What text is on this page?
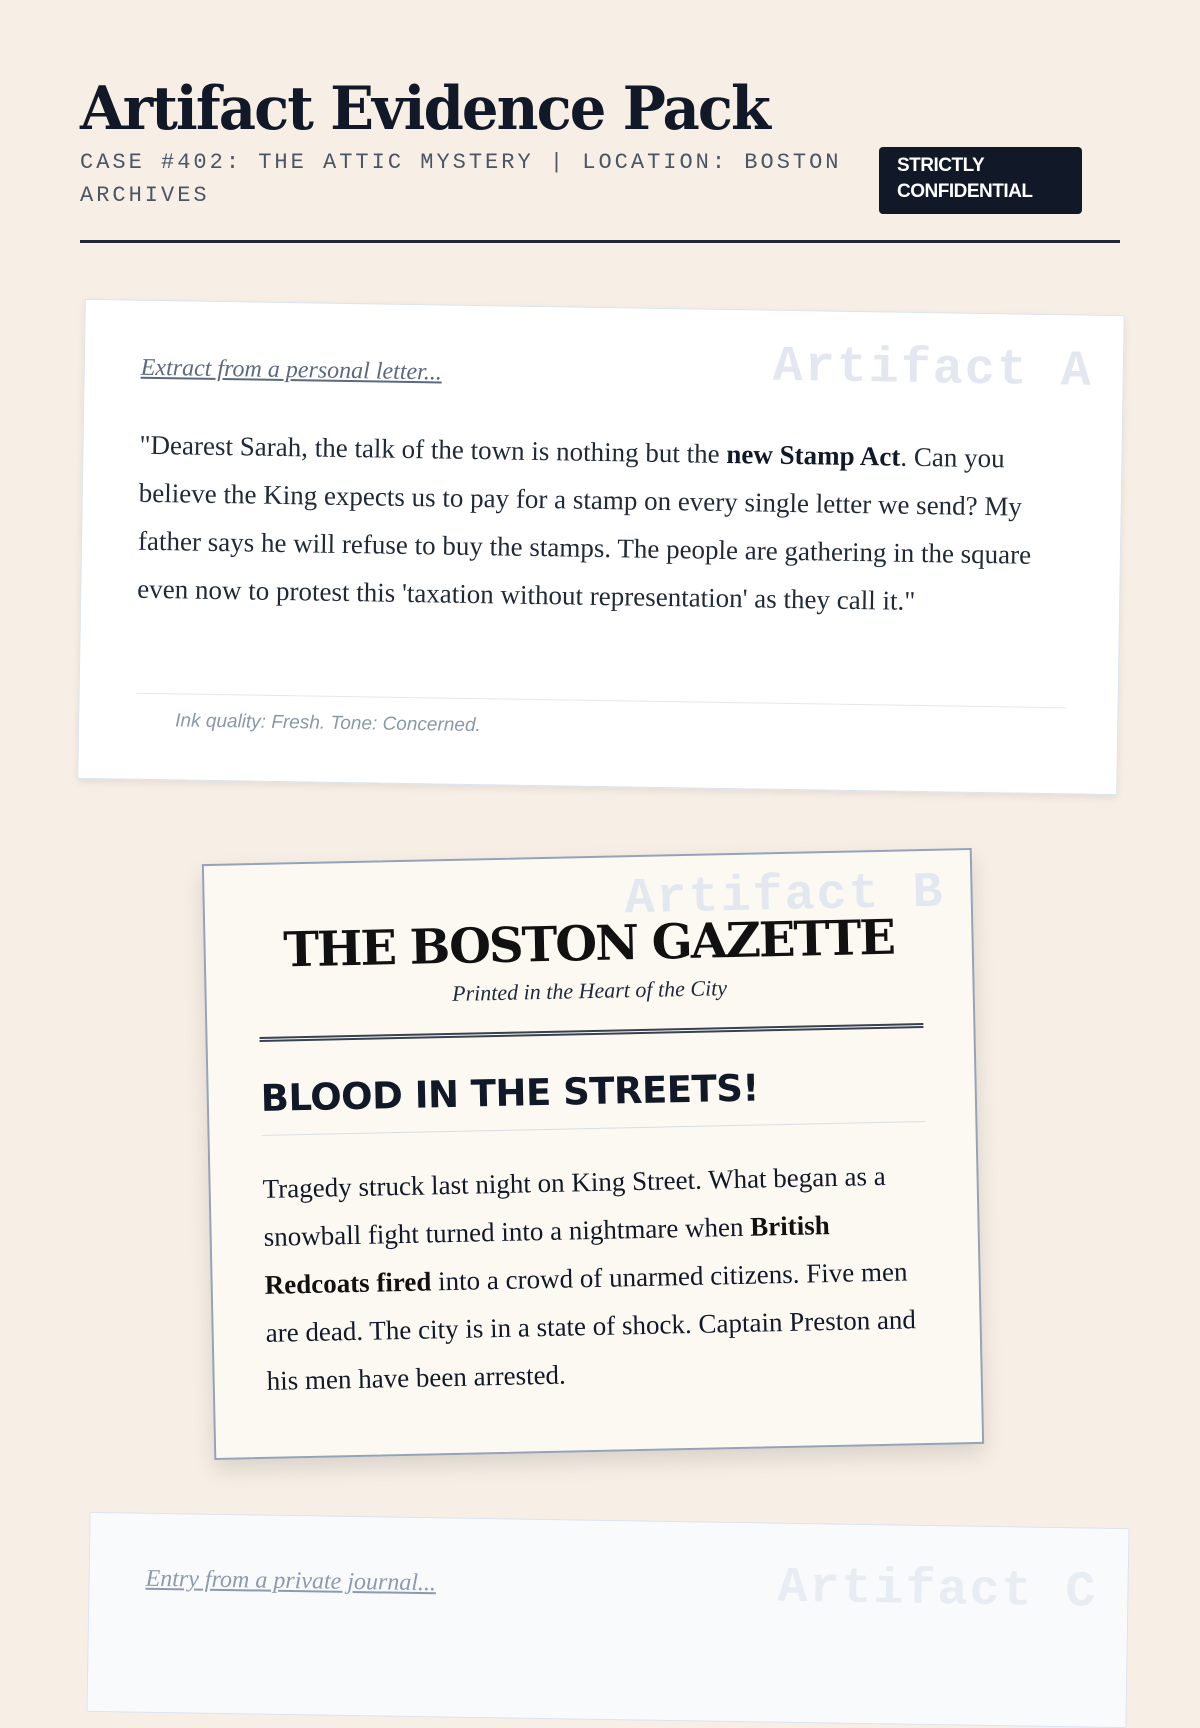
Artifact Evidence Pack
CASE #402: THE ATTIC MYSTERY | LOCATION: BOSTON ARCHIVES
STRICTLY CONFIDENTIAL
Artifact A
Extract from a personal letter...
"Dearest Sarah, the talk of the town is nothing but the new Stamp Act. Can you believe the King expects us to pay for a stamp on every single letter we send? My father says he will refuse to buy the stamps. The people are gathering in the square even now to protest this 'taxation without representation' as they call it."
Ink quality: Fresh. Tone: Concerned.
Artifact B
THE BOSTON GAZETTE
Printed in the Heart of the City
BLOOD IN THE STREETS!
Tragedy struck last night on King Street. What began as a snowball fight turned into a nightmare when British Redcoats fired into a crowd of unarmed citizens. Five men are dead. The city is in a state of shock. Captain Preston and his men have been arrested.
Artifact C
Entry from a private journal...
